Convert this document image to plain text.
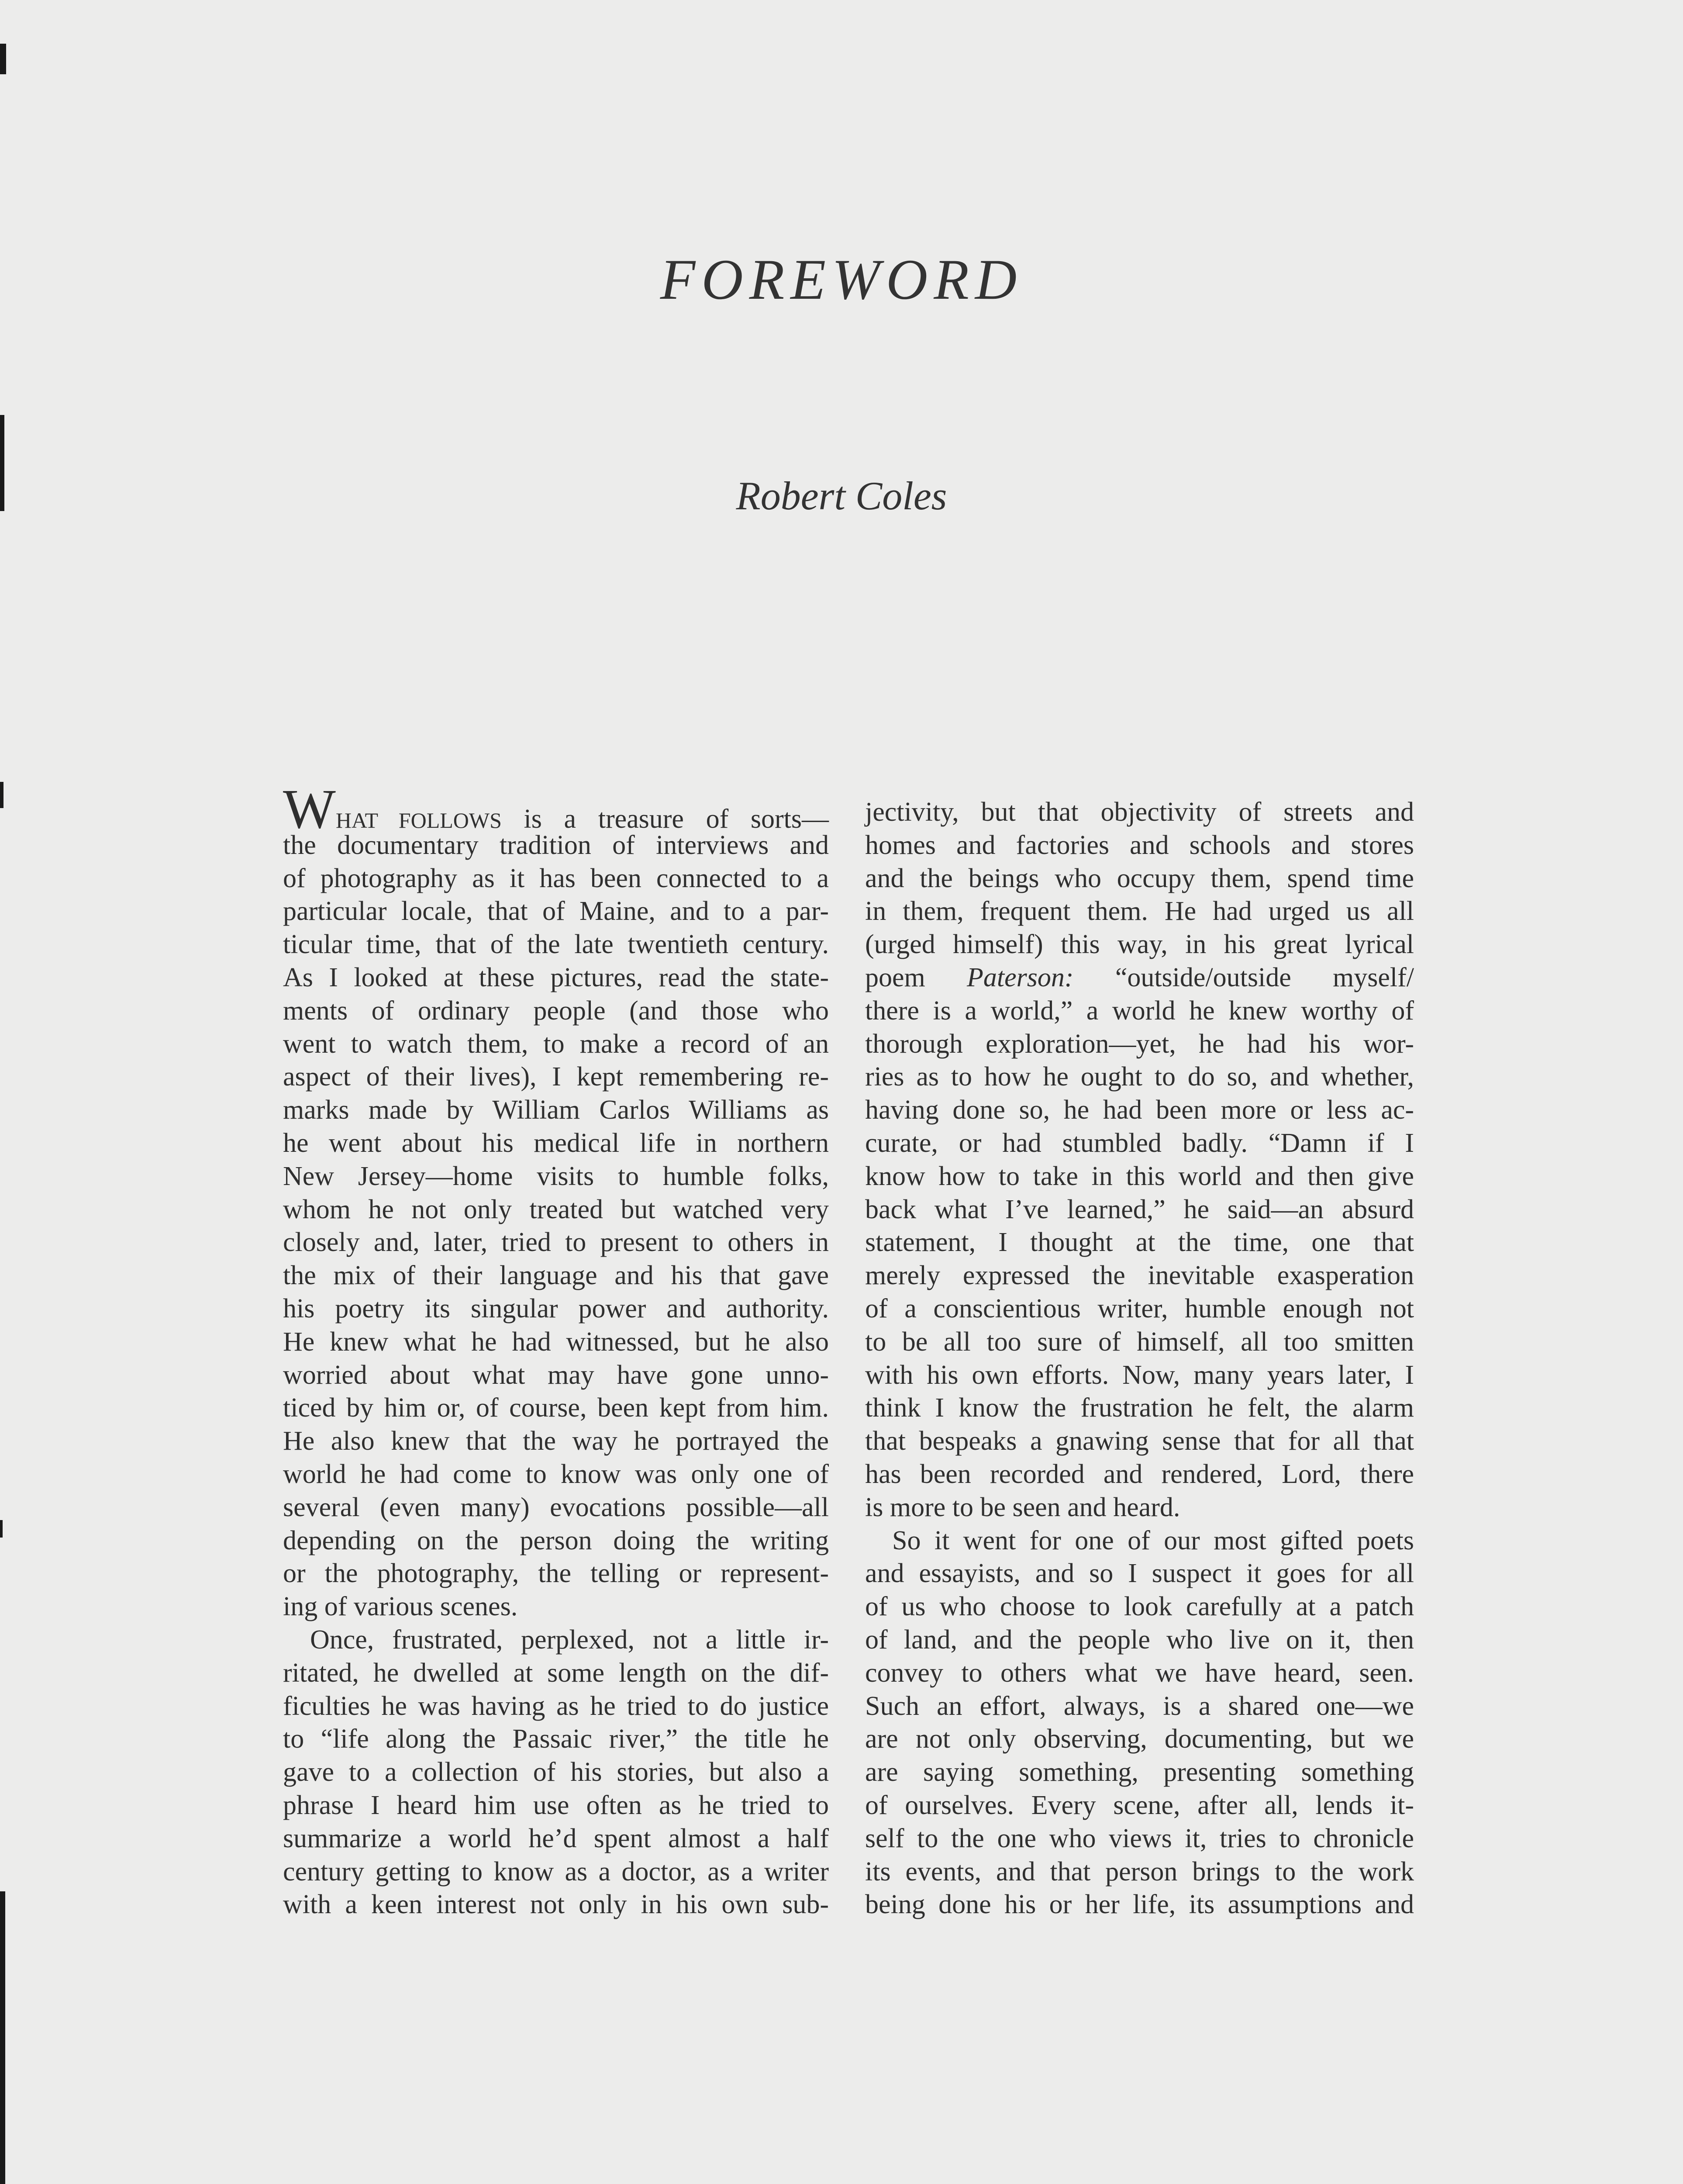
FOREWORD
Robert Coles
WHAT FOLLOWS is a treasure of sorts—
the documentary tradition of interviews and
of photography as it has been connected to a
particular locale, that of Maine, and to a par-
ticular time, that of the late twentieth century.
As I looked at these pictures, read the state-
ments of ordinary people (and those who
went to watch them, to make a record of an
aspect of their lives), I kept remembering re-
marks made by William Carlos Williams as
he went about his medical life in northern
New Jersey—home visits to humble folks,
whom he not only treated but watched very
closely and, later, tried to present to others in
the mix of their language and his that gave
his poetry its singular power and authority.
He knew what he had witnessed, but he also
worried about what may have gone unno-
ticed by him or, of course, been kept from him.
He also knew that the way he portrayed the
world he had come to know was only one of
several (even many) evocations possible—all
depending on the person doing the writing
or the photography, the telling or represent-
ing of various scenes.
Once, frustrated, perplexed, not a little ir-
ritated, he dwelled at some length on the dif-
ficulties he was having as he tried to do justice
to “life along the Passaic river,” the title he
gave to a collection of his stories, but also a
phrase I heard him use often as he tried to
summarize a world he’d spent almost a half
century getting to know as a doctor, as a writer
with a keen interest not only in his own sub-
jectivity, but that objectivity of streets and
homes and factories and schools and stores
and the beings who occupy them, spend time
in them, frequent them. He had urged us all
(urged himself) this way, in his great lyrical
poem Paterson: “outside/outside myself/
there is a world,” a world he knew worthy of
thorough exploration—yet, he had his wor-
ries as to how he ought to do so, and whether,
having done so, he had been more or less ac-
curate, or had stumbled badly. “Damn if I
know how to take in this world and then give
back what I’ve learned,” he said—an absurd
statement, I thought at the time, one that
merely expressed the inevitable exasperation
of a conscientious writer, humble enough not
to be all too sure of himself, all too smitten
with his own efforts. Now, many years later, I
think I know the frustration he felt, the alarm
that bespeaks a gnawing sense that for all that
has been recorded and rendered, Lord, there
is more to be seen and heard.
So it went for one of our most gifted poets
and essayists, and so I suspect it goes for all
of us who choose to look carefully at a patch
of land, and the people who live on it, then
convey to others what we have heard, seen.
Such an effort, always, is a shared one—we
are not only observing, documenting, but we
are saying something, presenting something
of ourselves. Every scene, after all, lends it-
self to the one who views it, tries to chronicle
its events, and that person brings to the work
being done his or her life, its assumptions and
